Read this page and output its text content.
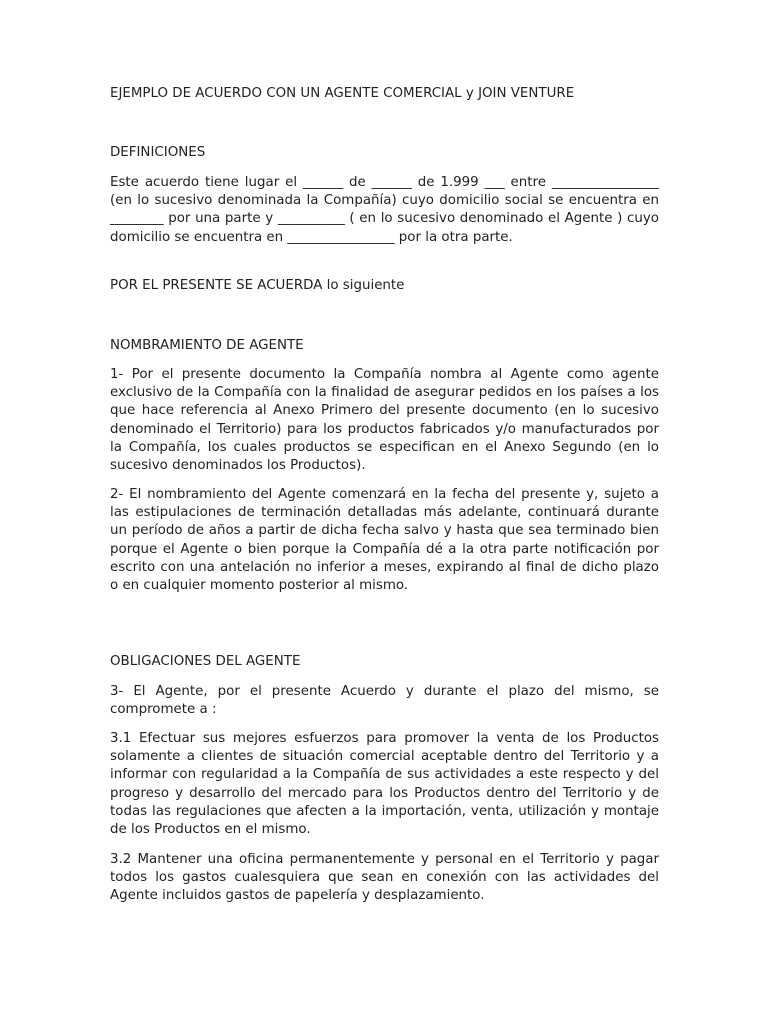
EJEMPLO DE ACUERDO CON UN AGENTE COMERCIAL y JOIN VENTURE
DEFINICIONES
Este acuerdo tiene lugar el ______ de ______ de 1.999 ___ entre ________________ (en lo sucesivo denominada la Compañía) cuyo domicilio social se encuentra en ________ por una parte y __________ ( en lo sucesivo denominado el Agente ) cuyo domicilio se encuentra en ________________ por la otra parte.
POR EL PRESENTE SE ACUERDA lo siguiente
NOMBRAMIENTO DE AGENTE
1- Por el presente documento la Compañía nombra al Agente como agente exclusivo de la Compañía con la finalidad de asegurar pedidos en los países a los que hace referencia al Anexo Primero del presente documento (en lo sucesivo denominado el Territorio) para los productos fabricados y/o manufacturados por la Compañía, los cuales productos se especifican en el Anexo Segundo (en lo sucesivo denominados los Productos).
2- El nombramiento del Agente comenzará en la fecha del presente y, sujeto a las estipulaciones de terminación detalladas más adelante, continuará durante un período de años a partir de dicha fecha salvo y hasta que sea terminado bien porque el Agente o bien porque la Compañía dé a la otra parte notificación por escrito con una antelación no inferior a meses, expirando al final de dicho plazo o en cualquier momento posterior al mismo.
OBLIGACIONES DEL AGENTE
3- El Agente, por el presente Acuerdo y durante el plazo del mismo, se compromete a :
3.1 Efectuar sus mejores esfuerzos para promover la venta de los Productos solamente a clientes de situación comercial aceptable dentro del Territorio y a informar con regularidad a la Compañía de sus actividades a este respecto y del progreso y desarrollo del mercado para los Productos dentro del Territorio y de todas las regulaciones que afecten a la importación, venta, utilización y montaje de los Productos en el mismo.
3.2 Mantener una oficina permanentemente y personal en el Territorio y pagar todos los gastos cualesquiera que sean en conexión con las actividades del Agente incluidos gastos de papelería y desplazamiento.
